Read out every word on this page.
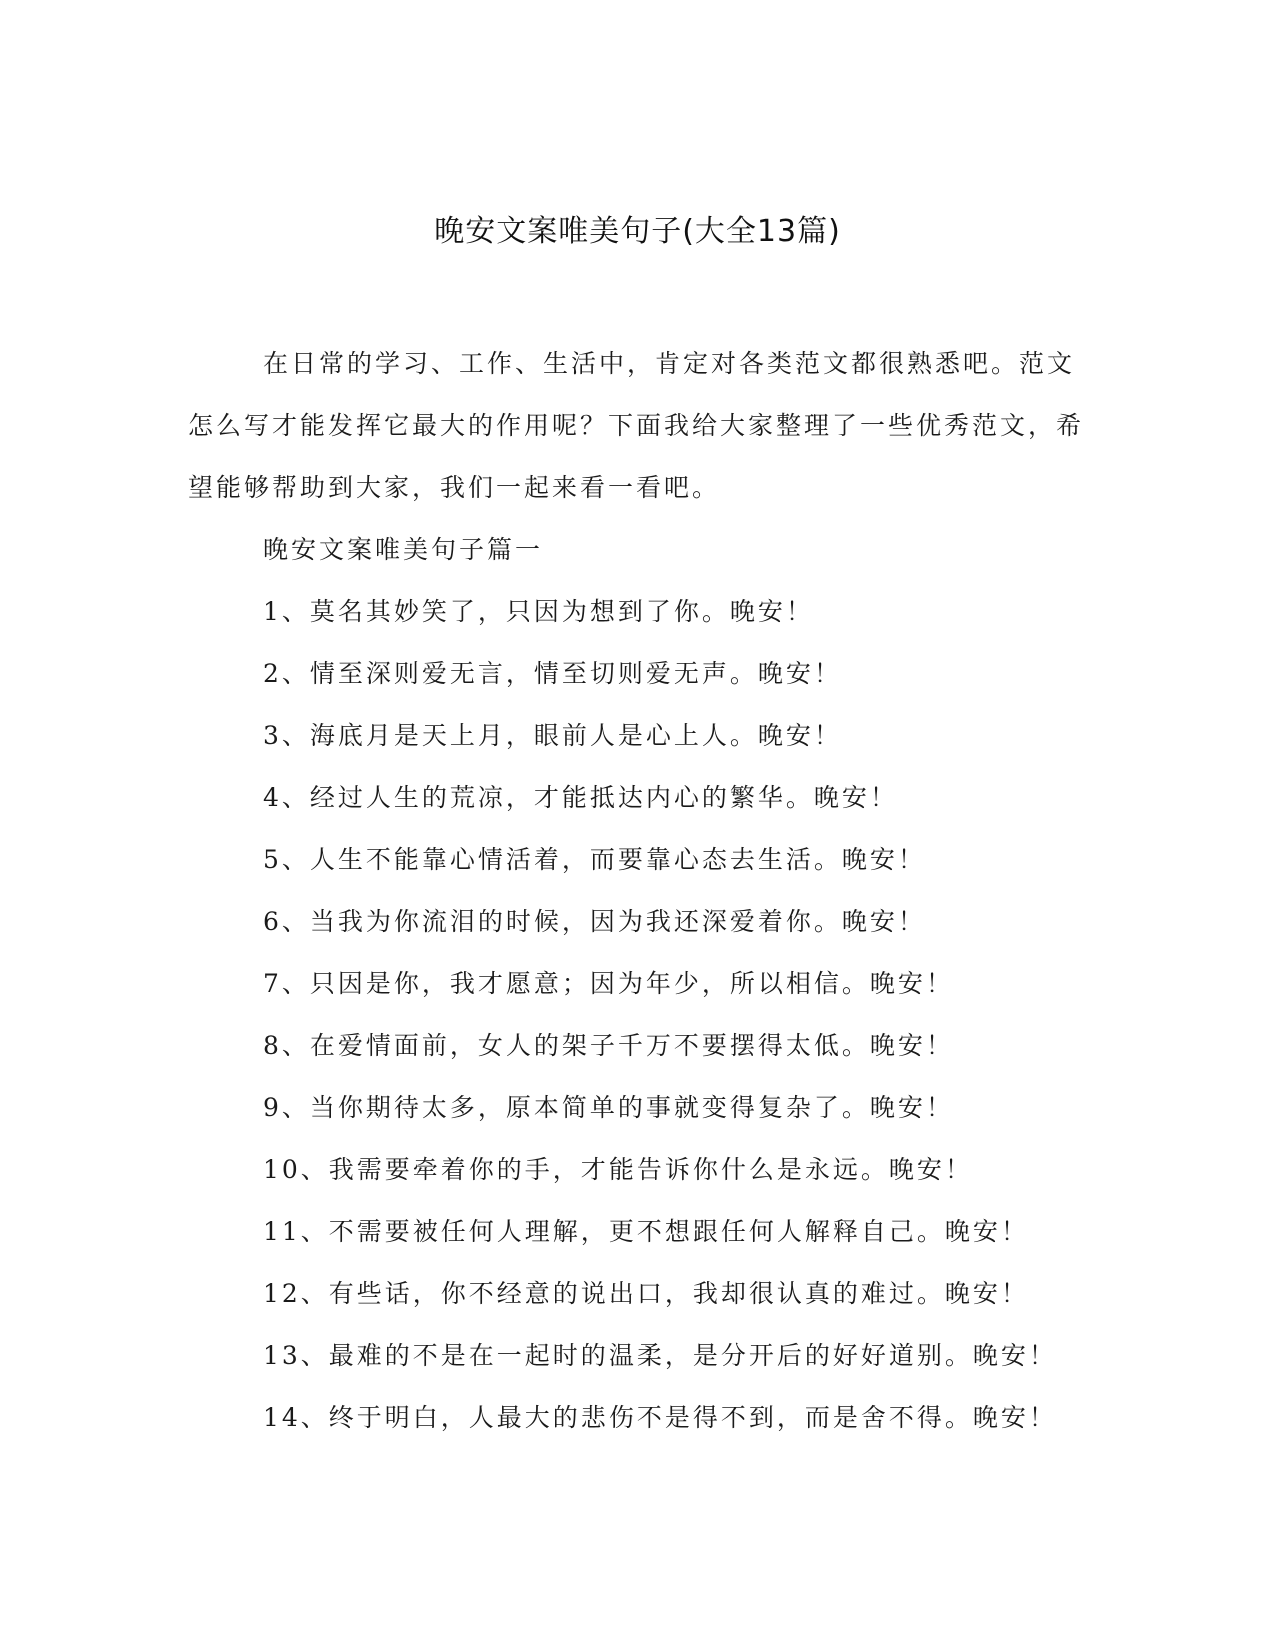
晚安文案唯美句子(大全13篇)

在日常的学习、工作、生活中，肯定对各类范文都很熟悉吧。范文怎么写才能发挥它最大的作用呢？下面我给大家整理了一些优秀范文，希望能够帮助到大家，我们一起来看一看吧。

晚安文案唯美句子篇一

1、莫名其妙笑了，只因为想到了你。晚安！

2、情至深则爱无言，情至切则爱无声。晚安！

3、海底月是天上月，眼前人是心上人。晚安！

4、经过人生的荒凉，才能抵达内心的繁华。晚安！

5、人生不能靠心情活着，而要靠心态去生活。晚安！

6、当我为你流泪的时候，因为我还深爱着你。晚安！

7、只因是你，我才愿意；因为年少，所以相信。晚安！

8、在爱情面前，女人的架子千万不要摆得太低。晚安！

9、当你期待太多，原本简单的事就变得复杂了。晚安！

10、我需要牵着你的手，才能告诉你什么是永远。晚安！

11、不需要被任何人理解，更不想跟任何人解释自己。晚安！

12、有些话，你不经意的说出口，我却很认真的难过。晚安！

13、最难的不是在一起时的温柔，是分开后的好好道别。晚安！

14、终于明白，人最大的悲伤不是得不到，而是舍不得。晚安！
